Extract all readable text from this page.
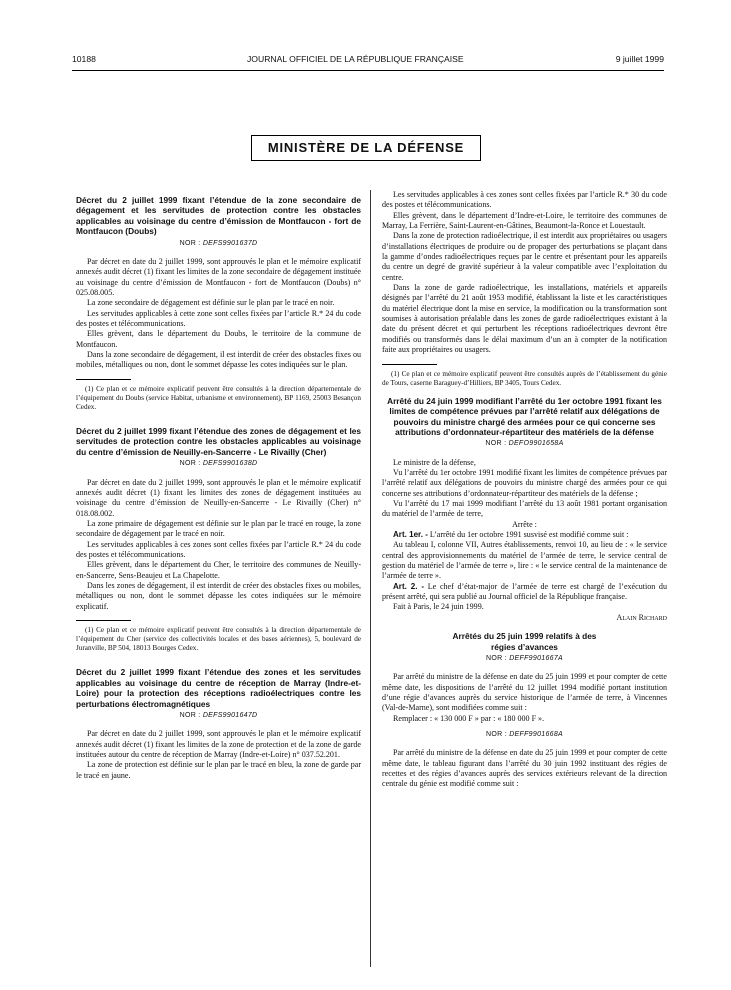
10188	JOURNAL OFFICIEL DE LA RÉPUBLIQUE FRANÇAISE	9 juillet 1999
MINISTÈRE DE LA DÉFENSE

Décret du 2 juillet 1999 fixant l’étendue de la zone secondaire de dégagement et les servitudes de protection contre les obstacles applicables au voisinage du centre d’émission de Montfaucon - fort de Montfaucon (Doubs)

NOR : DEFS9901637D

Par décret en date du 2 juillet 1999, sont approuvés le plan et le mémoire explicatif annexés audit décret (1) fixant les limites de la zone secondaire de dégagement instituée au voisinage du centre d’émission de Montfaucon - fort de Montfaucon (Doubs) n° 025.08.005.

La zone secondaire de dégagement est définie sur le plan par le tracé en noir.

Les servitudes applicables à cette zone sont celles fixées par l’article R.* 24 du code des postes et télécommunications.

Elles grèvent, dans le département du Doubs, le territoire de la commune de Montfaucon.

Dans la zone secondaire de dégagement, il est interdit de créer des obstacles fixes ou mobiles, métalliques ou non, dont le sommet dépasse les cotes indiquées sur le plan.

(1) Ce plan et ce mémoire explicatif peuvent être consultés à la direction départementale de l’équipement du Doubs (service Habitat, urbanisme et environnement), BP 1169, 25003 Besançon Cedex.

Décret du 2 juillet 1999 fixant l’étendue des zones de dégagement et les servitudes de protection contre les obstacles applicables au voisinage du centre d’émission de Neuilly-en-Sancerre - Le Rivailly (Cher)

NOR : DEFS9901638D

Par décret en date du 2 juillet 1999, sont approuvés le plan et le mémoire explicatif annexés audit décret (1) fixant les limites des zones de dégagement instituées au voisinage du centre d’émission de Neuilly-en-Sancerre - Le Rivailly (Cher) n° 018.08.002.

La zone primaire de dégagement est définie sur le plan par le tracé en rouge, la zone secondaire de dégagement par le tracé en noir.

Les servitudes applicables à ces zones sont celles fixées par l’article R.* 24 du code des postes et télécommunications.

Elles grèvent, dans le département du Cher, le territoire des communes de Neuilly-en-Sancerre, Sens-Beaujeu et La Chapelotte.

Dans les zones de dégagement, il est interdit de créer des obstacles fixes ou mobiles, métalliques ou non, dont le sommet dépasse les cotes indiquées sur le mémoire explicatif.

(1) Ce plan et ce mémoire explicatif peuvent être consultés à la direction départementale de l’équipement du Cher (service des collectivités locales et des bases aériennes), 5, boulevard de Juranville, BP 504, 18013 Bourges Cedex.

Décret du 2 juillet 1999 fixant l’étendue des zones et les servitudes applicables au voisinage du centre de réception de Marray (Indre-et-Loire) pour la protection des réceptions radioélectriques contre les perturbations électromagnétiques

NOR : DEFS9901647D

Par décret en date du 2 juillet 1999, sont approuvés le plan et le mémoire explicatif annexés audit décret (1) fixant les limites de la zone de protection et de la zone de garde instituées autour du centre de réception de Marray (Indre-et-Loire) n° 037.52.201.

La zone de protection est définie sur le plan par le tracé en bleu, la zone de garde par le tracé en jaune.

Les servitudes applicables à ces zones sont celles fixées par l’article R.* 30 du code des postes et télécommunications.

Elles grèvent, dans le département d’Indre-et-Loire, le territoire des communes de Marray, La Ferrière, Saint-Laurent-en-Gâtines, Beaumont-la-Ronce et Louestault.

Dans la zone de protection radioélectrique, il est interdit aux propriétaires ou usagers d’installations électriques de produire ou de propager des perturbations se plaçant dans la gamme d’ondes radioélectriques reçues par le centre et présentant pour les appareils du centre un degré de gravité supérieur à la valeur compatible avec l’exploitation du centre.

Dans la zone de garde radioélectrique, les installations, matériels et appareils désignés par l’arrêté du 21 août 1953 modifié, établissant la liste et les caractéristiques du matériel électrique dont la mise en service, la modification ou la transformation sont soumises à autorisation préalable dans les zones de garde radioélectriques existant à la date du présent décret et qui perturbent les réceptions radioélectriques devront être modifiés ou transformés dans le délai maximum d’un an à compter de la notification faite aux propriétaires ou usagers.

(1) Ce plan et ce mémoire explicatif peuvent être consultés auprès de l’établissement du génie de Tours, caserne Baraguey-d’Hilliers, BP 3405, Tours Cedex.

Arrêté du 24 juin 1999 modifiant l’arrêté du 1er octobre 1991 fixant les limites de compétence prévues par l’arrêté relatif aux délégations de pouvoirs du ministre chargé des armées pour ce qui concerne ses attributions d’ordonnateur-répartiteur des matériels de la défense

NOR : DEFO9901658A

Le ministre de la défense,

Vu l’arrêté du 1er octobre 1991 modifié fixant les limites de compétence prévues par l’arrêté relatif aux délégations de pouvoirs du ministre chargé des armées pour ce qui concerne ses attributions d’ordonnateur-répartiteur des matériels de la défense ;

Vu l’arrêté du 17 mai 1999 modifiant l’arrêté du 13 août 1981 portant organisation du matériel de l’armée de terre,

Arrête :

Art. 1er. - L’arrêté du 1er octobre 1991 susvisé est modifié comme suit :

Au tableau I, colonne VII, Autres établissements, renvoi 10, au lieu de : « le service central des approvisionnements du matériel de l’armée de terre, le service central de gestion du matériel de l’armée de terre », lire : « le service central de la maintenance de l’armée de terre ».

Art. 2. - Le chef d’état-major de l’armée de terre est chargé de l’exécution du présent arrêté, qui sera publié au Journal officiel de la République française.

Fait à Paris, le 24 juin 1999.

Alain Richard

Arrêtés du 25 juin 1999 relatifs à des régies d’avances

NOR : DEFF9901667A

Par arrêté du ministre de la défense en date du 25 juin 1999 et pour compter de cette même date, les dispositions de l’arrêté du 12 juillet 1994 modifié portant institution d’une régie d’avances auprès du service historique de l’armée de terre, à Vincennes (Val-de-Marne), sont modifiées comme suit :

Remplacer : « 130 000 F » par : « 180 000 F ».

NOR : DEFF9901668A

Par arrêté du ministre de la défense en date du 25 juin 1999 et pour compter de cette même date, le tableau figurant dans l’arrêté du 30 juin 1992 instituant des régies de recettes et des régies d’avances auprès des services extérieurs relevant de la direction centrale du génie est modifié comme suit :
